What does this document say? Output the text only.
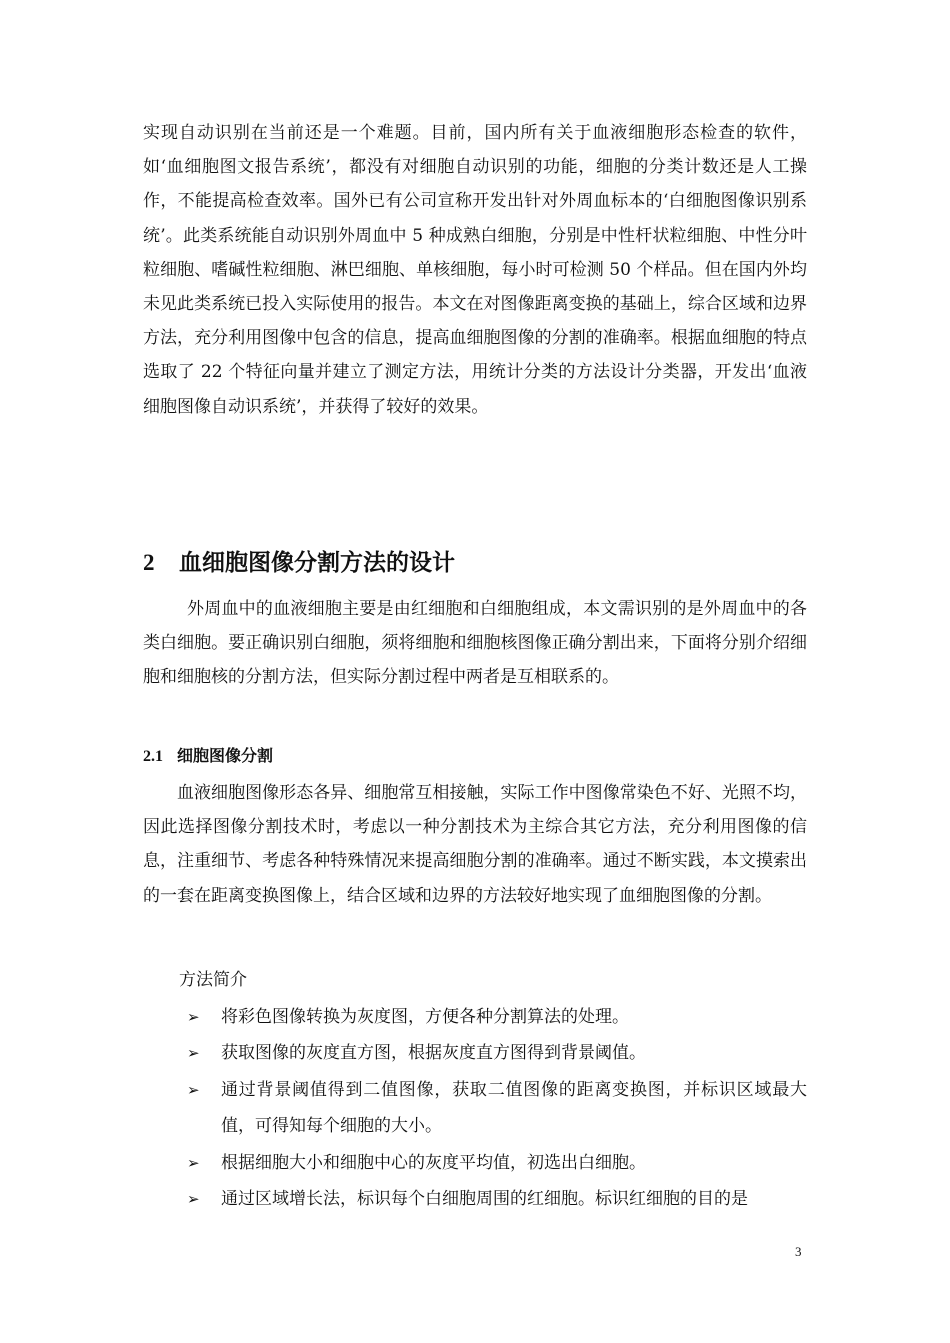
实现自动识别在当前还是一个难题。目前，国内所有关于血液细胞形态检查的软件，如‘血细胞图文报告系统’，都没有对细胞自动识别的功能，细胞的分类计数还是人工操作，不能提高检查效率。国外已有公司宣称开发出针对外周血标本的‘白细胞图像识别系统’。此类系统能自动识别外周血中 5 种成熟白细胞，分别是中性杆状粒细胞、中性分叶粒细胞、嗜碱性粒细胞、淋巴细胞、单核细胞，每小时可检测 50 个样品。但在国内外均未见此类系统已投入实际使用的报告。本文在对图像距离变换的基础上，综合区域和边界方法，充分利用图像中包含的信息，提高血细胞图像的分割的准确率。根据血细胞的特点选取了 22 个特征向量并建立了测定方法，用统计分类的方法设计分类器，开发出‘血液细胞图像自动识系统’，并获得了较好的效果。

2 血细胞图像分割方法的设计

外周血中的血液细胞主要是由红细胞和白细胞组成，本文需识别的是外周血中的各类白细胞。要正确识别白细胞，须将细胞和细胞核图像正确分割出来，下面将分别介绍细胞和细胞核的分割方法，但实际分割过程中两者是互相联系的。

2.1 细胞图像分割

血液细胞图像形态各异、细胞常互相接触，实际工作中图像常染色不好、光照不均，因此选择图像分割技术时，考虑以一种分割技术为主综合其它方法，充分利用图像的信息，注重细节、考虑各种特殊情况来提高细胞分割的准确率。通过不断实践，本文摸索出的一套在距离变换图像上，结合区域和边界的方法较好地实现了血细胞图像的分割。

方法简介

➢ 将彩色图像转换为灰度图，方便各种分割算法的处理。
➢ 获取图像的灰度直方图，根据灰度直方图得到背景阈值。
➢ 通过背景阈值得到二值图像，获取二值图像的距离变换图，并标识区域最大值，可得知每个细胞的大小。
➢ 根据细胞大小和细胞中心的灰度平均值，初选出白细胞。
➢ 通过区域增长法，标识每个白细胞周围的红细胞。标识红细胞的目的是
3
